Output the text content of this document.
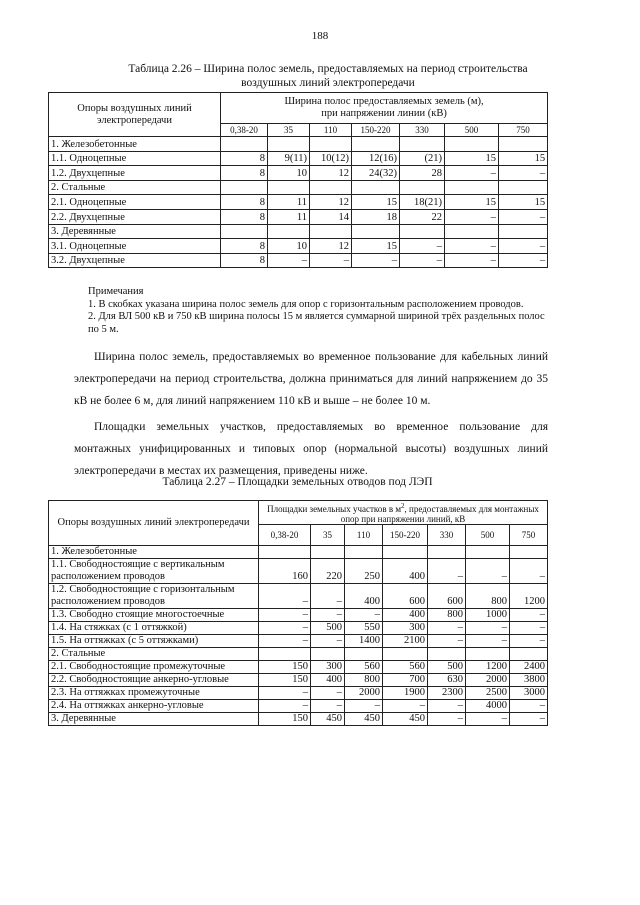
188
Таблица 2.26 – Ширина полос земель, предоставляемых на период строительства
воздушных линий электропередачи
Опоры воздушных линий электропередачи	Ширина полос предоставляемых земель (м),
при напряжении линии (кВ)						

	0,38-20	35	110	150-220	330	500	750
1. Железобетонные							
1.1. Одноцепные	8	9(11)	10(12)	12(16)	(21)	15	15
1.2. Двухцепные	8	10	12	24(32)	28	–	–
2. Стальные							
2.1. Одноцепные	8	11	12	15	18(21)	15	15
2.2. Двухцепные	8	11	14	18	22	–	–
3. Деревянные							
3.1. Одноцепные	8	10	12	15	–	–	–
3.2. Двухцепные	8	–	–	–	–	–	–

Примечания

1. В скобках указана ширина полос земель для опор с горизонтальным расположением проводов.

2. Для ВЛ 500 кВ и 750 кВ ширина полосы 15 м является суммарной шириной трёх раздельных полос по 5 м.

Ширина полос земель, предоставляемых во временное пользование для кабельных линий электропередачи на период строительства, должна приниматься для линий напряжением до 35 кВ не более 6 м, для линий напряжением 110 кВ и выше – не более 10 м.
Площадки земельных участков, предоставляемых во временное пользование для монтажных унифицированных и типовых опор (нормальной высоты) воздушных линий электропередачи в местах их размещения, приведены ниже.
Таблица 2.27 – Площадки земельных отводов под ЛЭП
Опоры воздушных линий электропередачи	Площадки земельных участков в $м^2$, предоставляемых для монтажных опор при напряжении линий, кВ						
	0,38-20	35	110	150-220	330	500	750
1. Железобетонные							
1.1. Свободностоящие с вертикальным расположением проводов	160	220	250	400	–	–	–
1.2. Свободностоящие с горизонтальным расположением проводов	–	–	400	600	600	800	1200
1.3. Свободно стоящие многостоечные	–	–	–	400	800	1000	–
1.4. На стяжках (с 1 оттяжкой)	–	500	550	300	–	–	–
1.5. На оттяжках (с 5 оттяжками)	–	–	1400	2100	–	–	–
2. Стальные							
2.1. Свободностоящие промежуточные	150	300	560	560	500	1200	2400
2.2. Свободностоящие анкерно-угловые	150	400	800	700	630	2000	3800
2.3. На оттяжках промежуточные	–	–	2000	1900	2300	2500	3000
2.4. На оттяжках анкерно-угловые	–	–	–	–	–	4000	–
3. Деревянные	150	450	450	450	–	–	–
